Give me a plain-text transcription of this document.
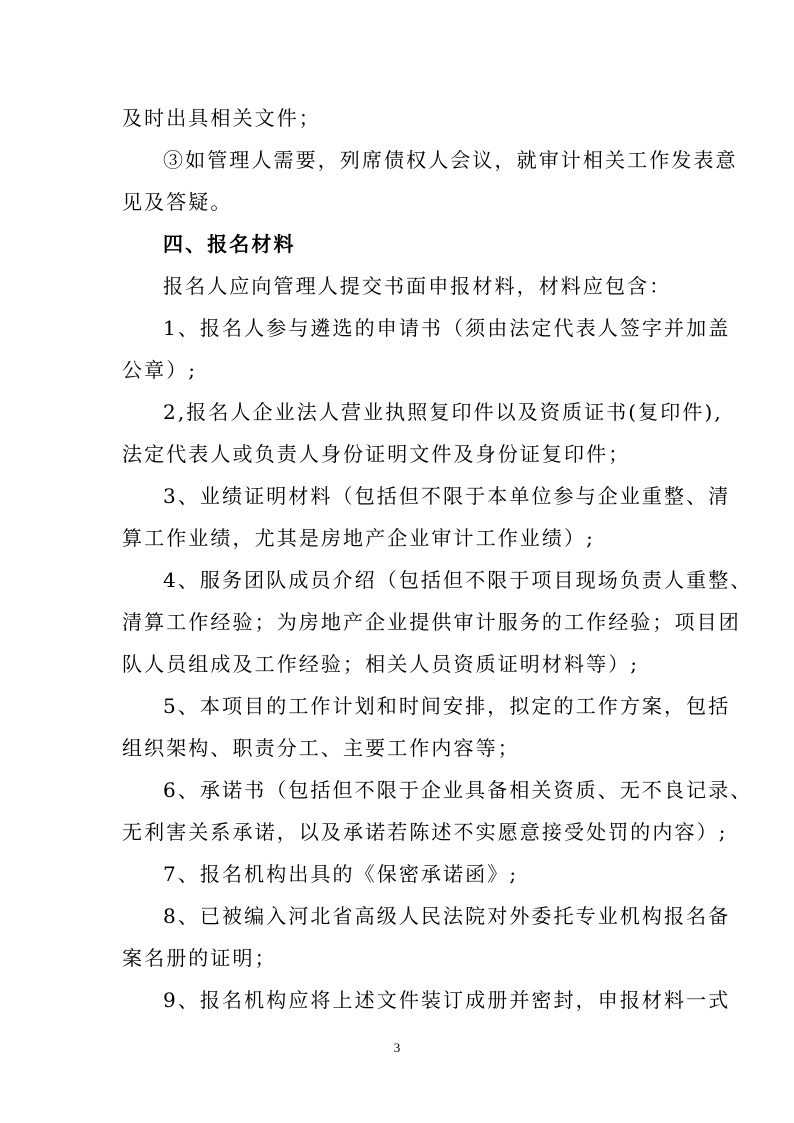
及时出具相关文件；
③如管理人需要，列席债权人会议，就审计相关工作发表意
见及答疑。
四、报名材料
报名人应向管理人提交书面申报材料，材料应包含：
1、报名人参与遴选的申请书（须由法定代表人签字并加盖
公章）;
2,报名人企业法人营业执照复印件以及资质证书(复印件),
法定代表人或负责人身份证明文件及身份证复印件；
3、业绩证明材料（包括但不限于本单位参与企业重整、清
算工作业绩，尤其是房地产企业审计工作业绩）;
4、服务团队成员介绍（包括但不限于项目现场负责人重整、
清算工作经验；为房地产企业提供审计服务的工作经验；项目团
队人员组成及工作经验；相关人员资质证明材料等）;
5、本项目的工作计划和时间安排，拟定的工作方案，包括
组织架构、职责分工、主要工作内容等；
6、承诺书（包括但不限于企业具备相关资质、无不良记录、
无利害关系承诺，以及承诺若陈述不实愿意接受处罚的内容）;
7、报名机构出具的《保密承诺函》;
8、已被编入河北省高级人民法院对外委托专业机构报名备
案名册的证明；
9、报名机构应将上述文件装订成册并密封，申报材料一式
3
